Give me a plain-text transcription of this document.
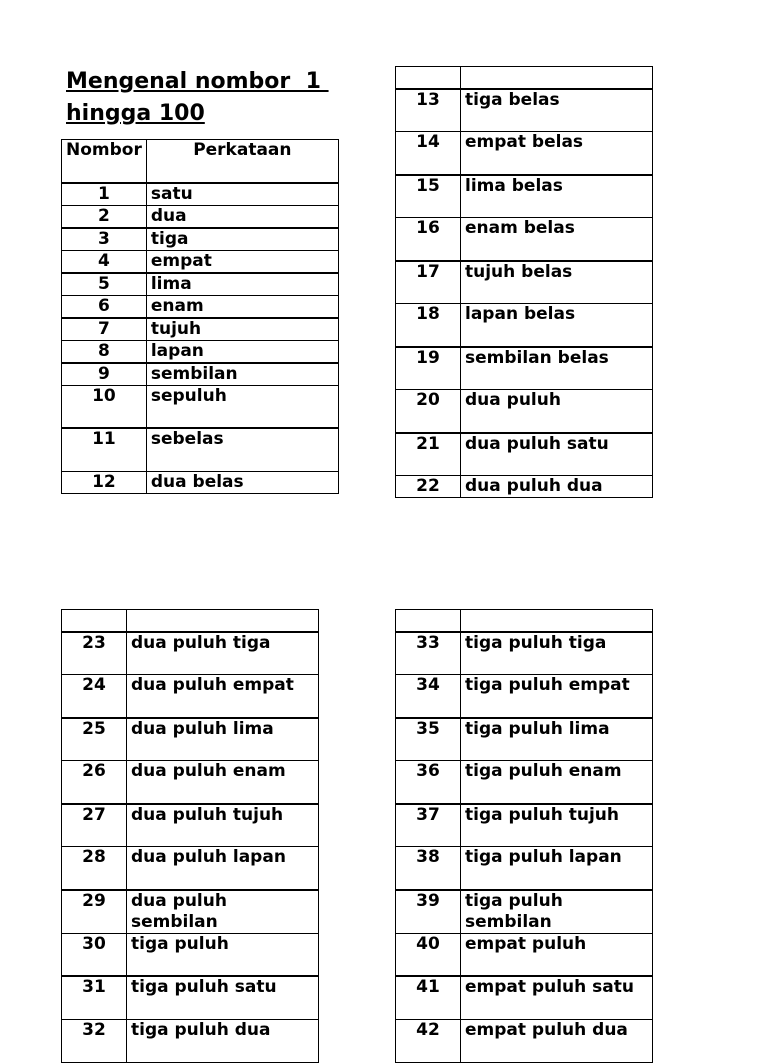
Mengenal nombor  1
hingga 100
Nombor	Perkataan
1	satu
2	dua
3	tiga
4	empat
5	lima
6	enam
7	tujuh
8	lapan
9	sembilan
10	sepuluh
11	sebelas
12	dua belas

13	tiga belas
14	empat belas
15	lima belas
16	enam belas
17	tujuh belas
18	lapan belas
19	sembilan belas
20	dua puluh
21	dua puluh satu
22	dua puluh dua

23	dua puluh tiga
24	dua puluh empat
25	dua puluh lima
26	dua puluh enam
27	dua puluh tujuh
28	dua puluh lapan
29	dua puluh sembilan
30	tiga puluh
31	tiga puluh satu
32	tiga puluh dua

33	tiga puluh tiga
34	tiga puluh empat
35	tiga puluh lima
36	tiga puluh enam
37	tiga puluh tujuh
38	tiga puluh lapan
39	tiga puluh sembilan
40	empat puluh
41	empat puluh satu
42	empat puluh dua
